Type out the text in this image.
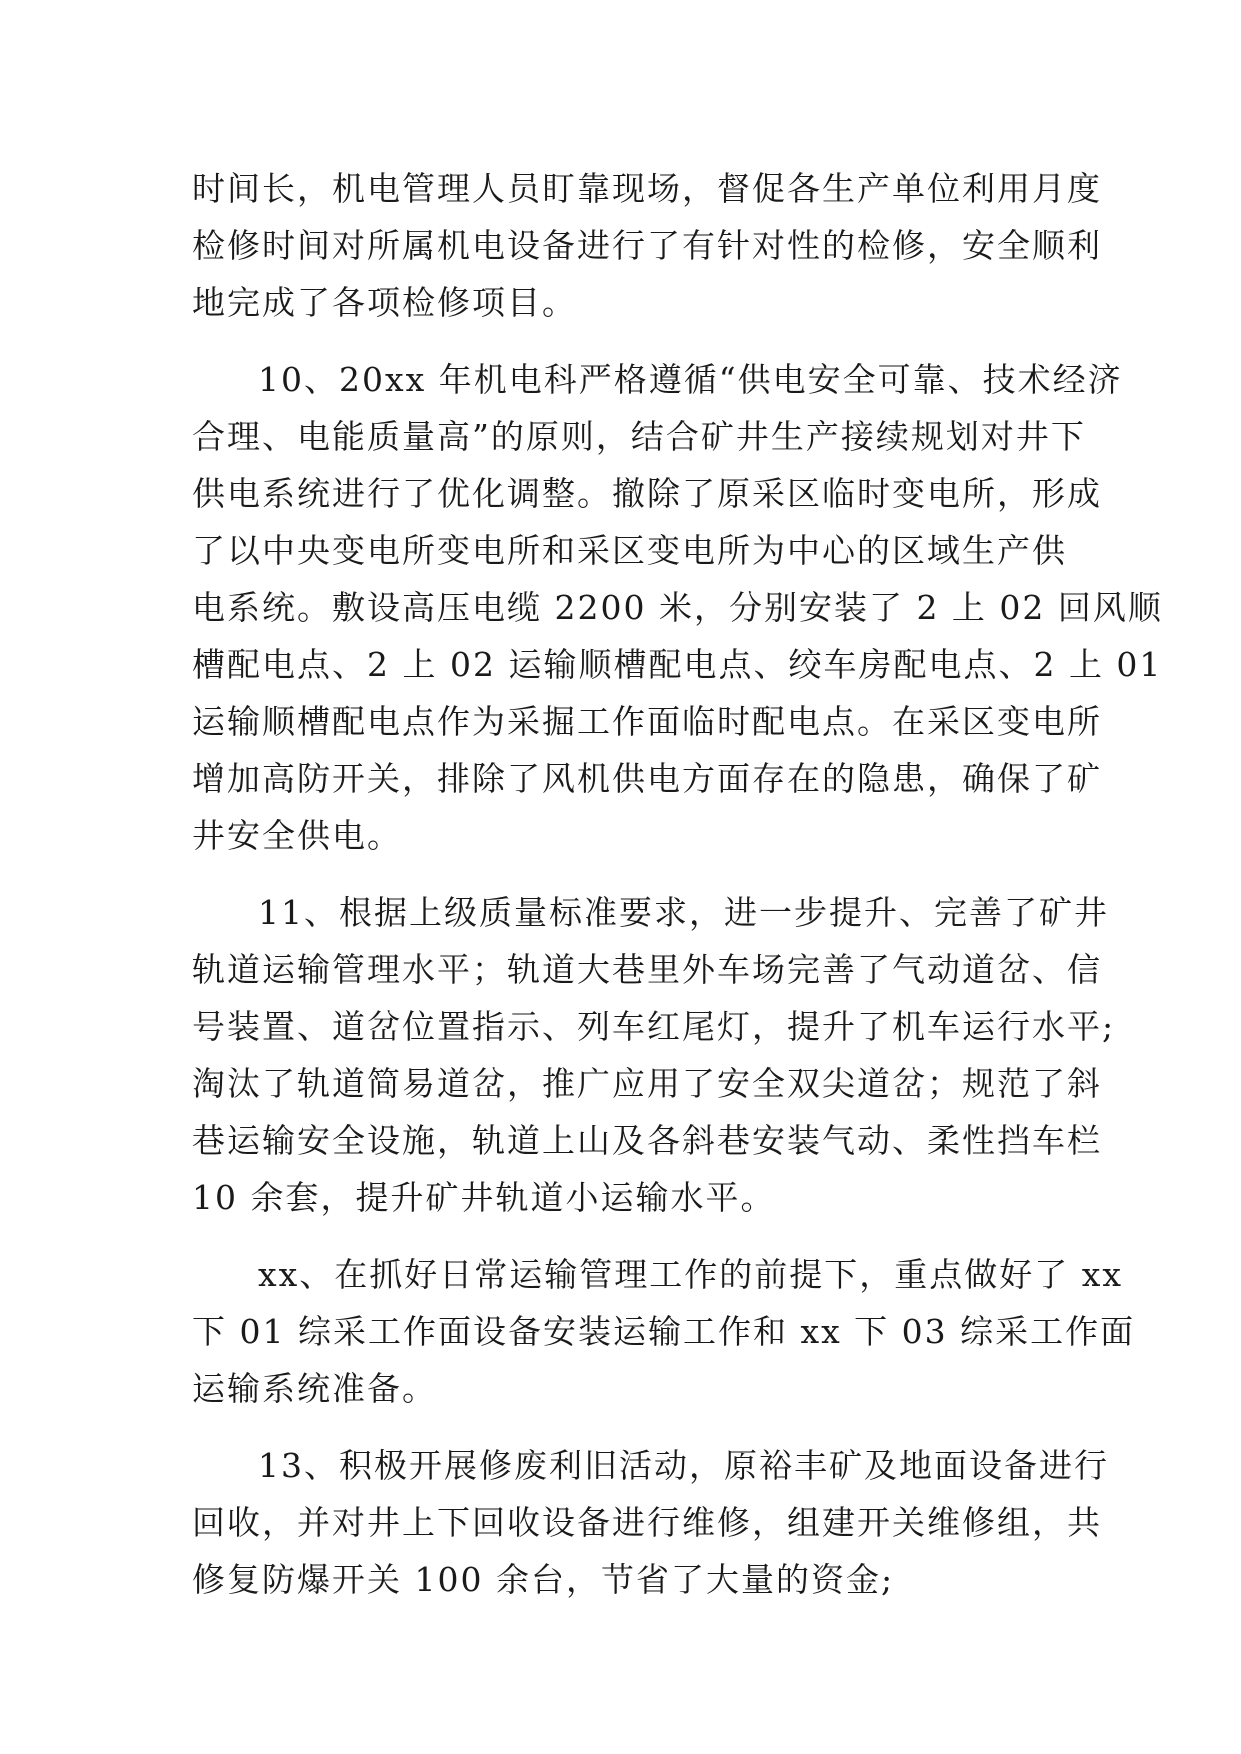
时间长，机电管理人员盯靠现场，督促各生产单位利用月度
检修时间对所属机电设备进行了有针对性的检修，安全顺利
地完成了各项检修项目。
10、20xx 年机电科严格遵循“供电安全可靠、技术经济
合理、电能质量高”的原则，结合矿井生产接续规划对井下
供电系统进行了优化调整。撤除了原采区临时变电所，形成
了以中央变电所变电所和采区变电所为中心的区域生产供
电系统。敷设高压电缆 2200 米，分别安装了 2 上 02 回风顺
槽配电点、2 上 02 运输顺槽配电点、绞车房配电点、2 上 01
运输顺槽配电点作为采掘工作面临时配电点。在采区变电所
增加高防开关，排除了风机供电方面存在的隐患，确保了矿
井安全供电。
11、根据上级质量标准要求，进一步提升、完善了矿井
轨道运输管理水平；轨道大巷里外车场完善了气动道岔、信
号装置、道岔位置指示、列车红尾灯，提升了机车运行水平;
淘汰了轨道简易道岔，推广应用了安全双尖道岔；规范了斜
巷运输安全设施，轨道上山及各斜巷安装气动、柔性挡车栏
10 余套，提升矿井轨道小运输水平。
xx、在抓好日常运输管理工作的前提下，重点做好了 xx
下 01 综采工作面设备安装运输工作和 xx 下 03 综采工作面
运输系统准备。
13、积极开展修废利旧活动，原裕丰矿及地面设备进行
回收，并对井上下回收设备进行维修，组建开关维修组，共
修复防爆开关 100 余台，节省了大量的资金;
